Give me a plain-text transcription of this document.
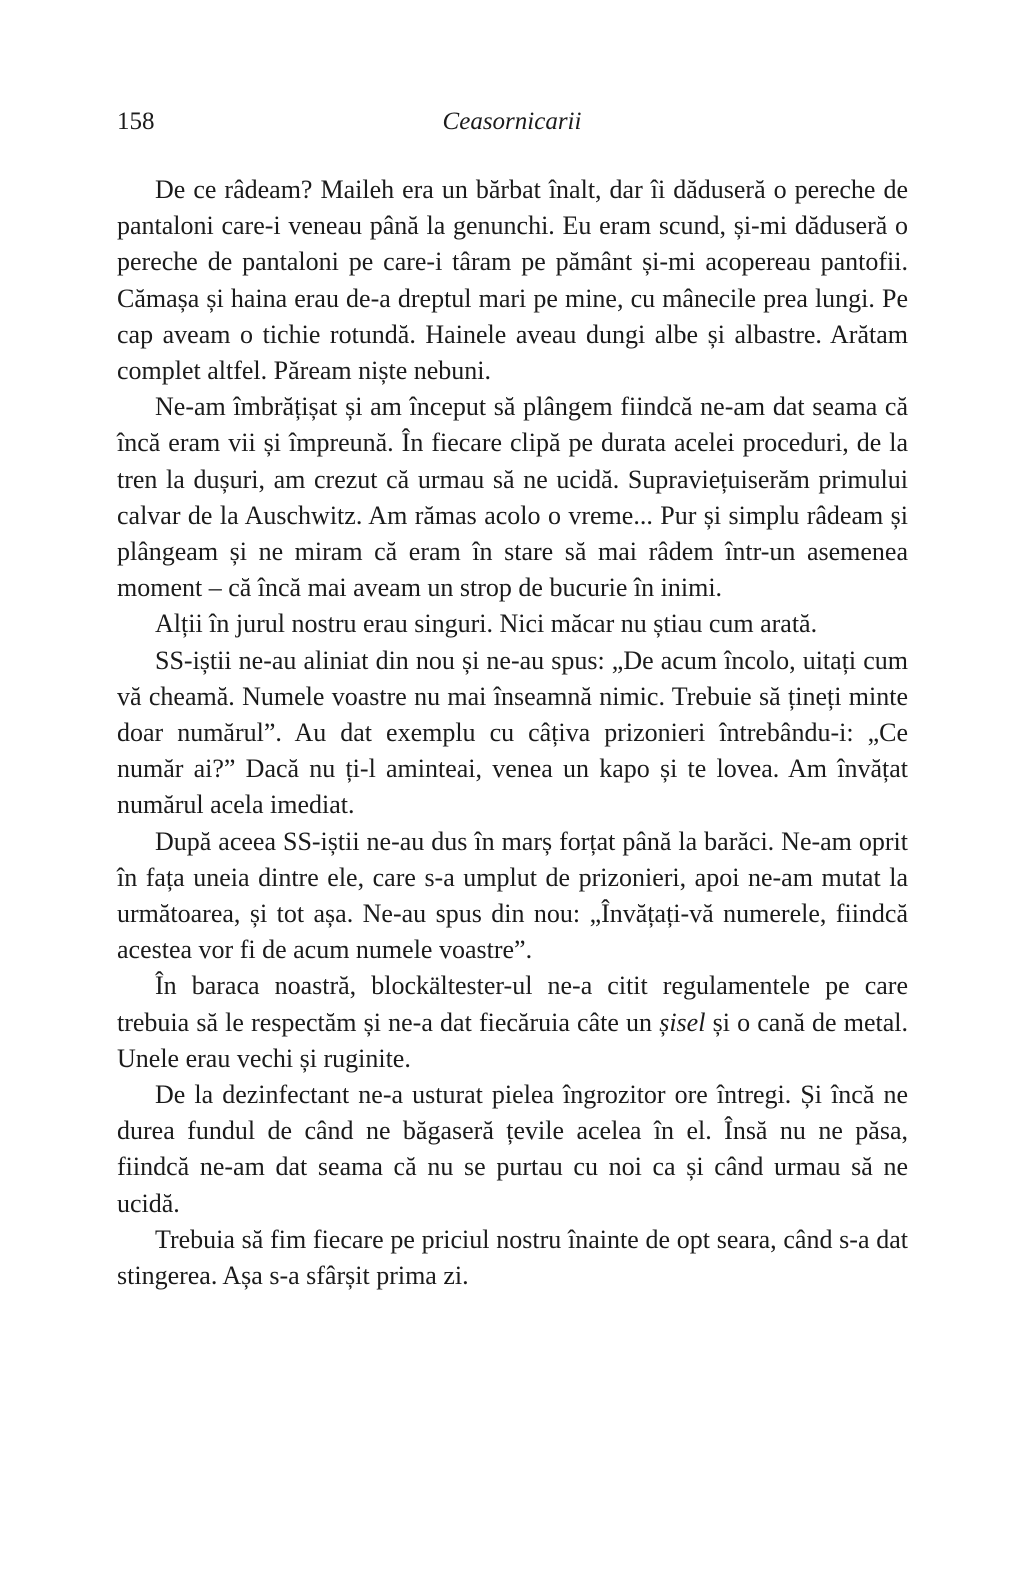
158	Ceasornicarii

De ce râdeam? Maileh era un bărbat înalt, dar îi dăduseră o pereche de pantaloni care-i veneau până la genunchi. Eu eram scund, și-mi dăduseră o pereche de pantaloni pe care-i târam pe pământ și-mi acopereau pantofii. Cămașa și haina erau de-a dreptul mari pe mine, cu mânecile prea lungi. Pe cap aveam o tichie rotundă. Hainele aveau dungi albe și albastre. Arătam complet altfel. Păream niște nebuni.

Ne-am îmbrățișat și am început să plângem fiindcă ne-am dat seama că încă eram vii și împreună. În fiecare clipă pe durata acelei proceduri, de la tren la dușuri, am crezut că urmau să ne ucidă. Supraviețuiserăm primului calvar de la Auschwitz. Am rămas acolo o vreme... Pur și simplu râdeam și plângeam și ne miram că eram în stare să mai râdem într-un asemenea moment – că încă mai aveam un strop de bucurie în inimi.

Alții în jurul nostru erau singuri. Nici măcar nu știau cum arată.

SS-iștii ne-au aliniat din nou și ne-au spus: „De acum încolo, uitați cum vă cheamă. Numele voastre nu mai înseamnă nimic. Trebuie să țineți minte doar numărul”. Au dat exemplu cu câțiva prizonieri întrebându-i: „Ce număr ai?” Dacă nu ți-l aminteai, venea un kapo și te lovea. Am învățat numărul acela imediat.

După aceea SS-iștii ne-au dus în marș forțat până la barăci. Ne-am oprit în fața uneia dintre ele, care s-a umplut de prizonieri, apoi ne-am mutat la următoarea, și tot așa. Ne-au spus din nou: „Învățați-vă numerele, fiindcă acestea vor fi de acum numele voastre”.

În baraca noastră, blockältester-ul ne-a citit regulamentele pe care trebuia să le respectăm și ne-a dat fiecăruia câte un șisel și o cană de metal. Unele erau vechi și ruginite.

De la dezinfectant ne-a usturat pielea îngrozitor ore întregi. Și încă ne durea fundul de când ne băgaseră țevile acelea în el. Însă nu ne păsa, fiindcă ne-am dat seama că nu se purtau cu noi ca și când urmau să ne ucidă.

Trebuia să fim fiecare pe priciul nostru înainte de opt seara, când s-a dat stingerea. Așa s-a sfârșit prima zi.
